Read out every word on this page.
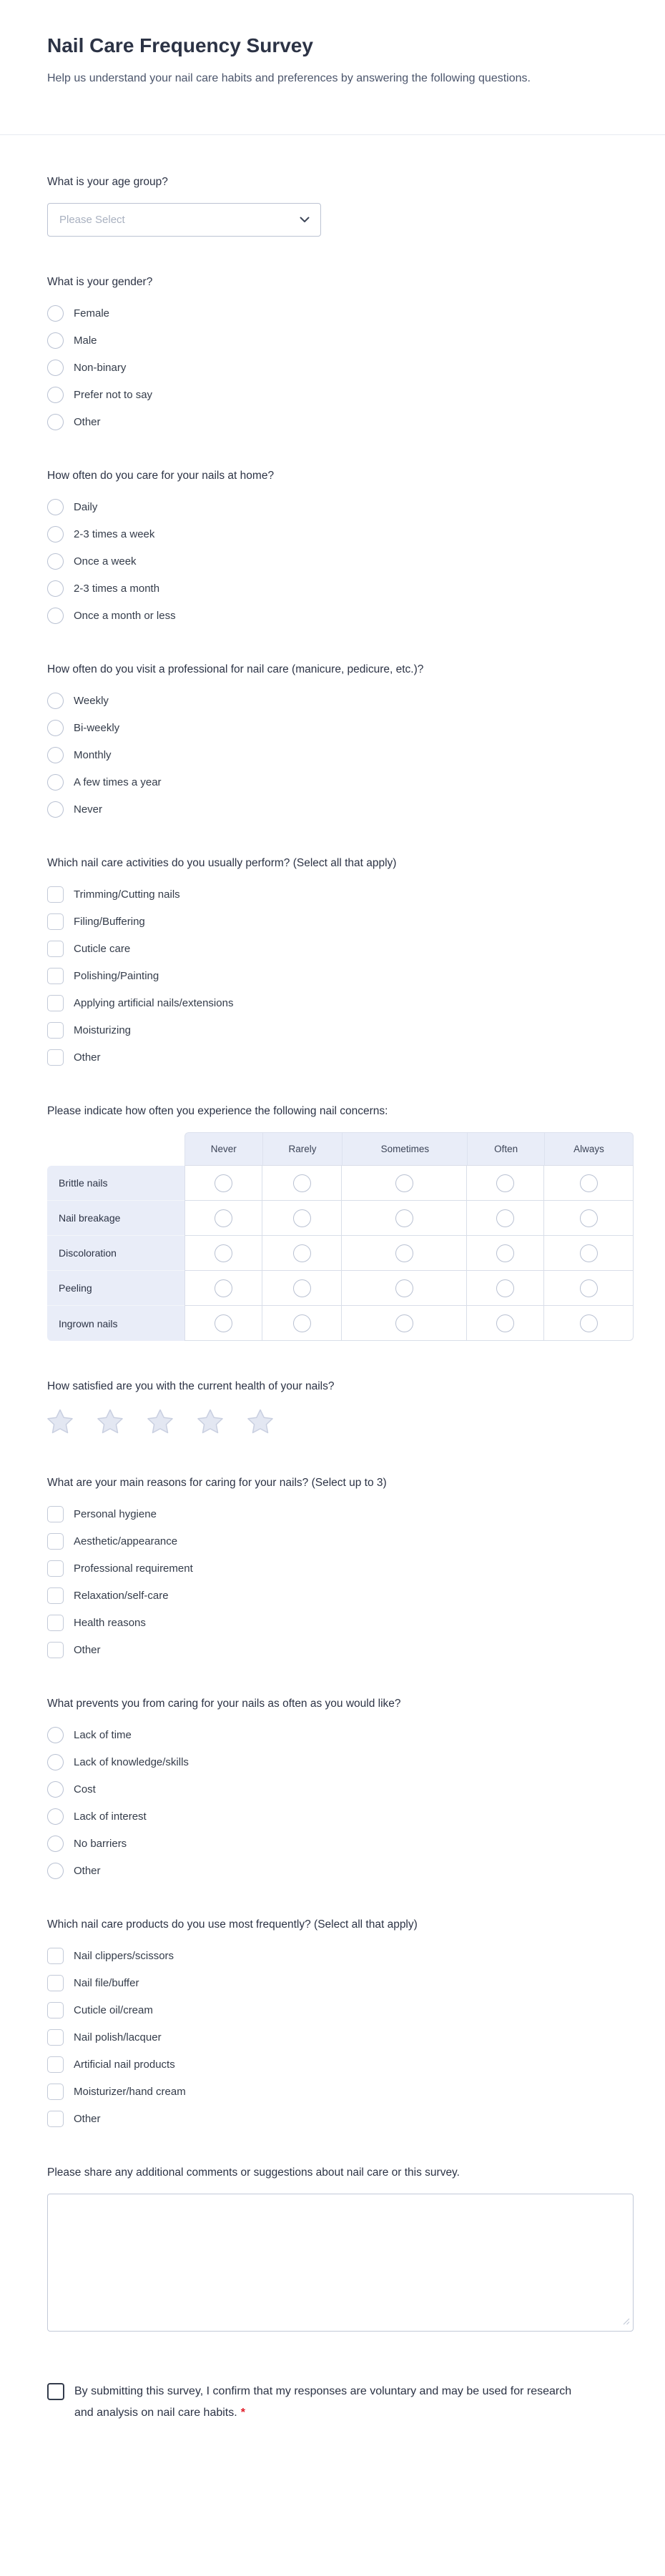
Nail Care Frequency Survey

Help us understand your nail care habits and preferences by answering the following questions.

What is your age group?

Please Select

What is your gender?

Female
Male
Non-binary
Prefer not to say
Other

How often do you care for your nails at home?

Daily
2-3 times a week
Once a week
2-3 times a month
Once a month or less

How often do you visit a professional for nail care (manicure, pedicure, etc.)?

Weekly
Bi-weekly
Monthly
A few times a year
Never

Which nail care activities do you usually perform? (Select all that apply)

Trimming/Cutting nails
Filing/Buffering
Cuticle care
Polishing/Painting
Applying artificial nails/extensions
Moisturizing
Other

Please indicate how often you experience the following nail concerns:

	Never	Rarely	Sometimes	Often	Always
Brittle nails					
Nail breakage					
Discoloration					
Peeling					
Ingrown nails					

How satisfied are you with the current health of your nails?

What are your main reasons for caring for your nails? (Select up to 3)

Personal hygiene
Aesthetic/appearance
Professional requirement
Relaxation/self-care
Health reasons
Other

What prevents you from caring for your nails as often as you would like?

Lack of time
Lack of knowledge/skills
Cost
Lack of interest
No barriers
Other

Which nail care products do you use most frequently? (Select all that apply)

Nail clippers/scissors
Nail file/buffer
Cuticle oil/cream
Nail polish/lacquer
Artificial nail products
Moisturizer/hand cream
Other

Please share any additional comments or suggestions about nail care or this survey.

By submitting this survey, I confirm that my responses are voluntary and may be used for research and analysis on nail care habits. *
